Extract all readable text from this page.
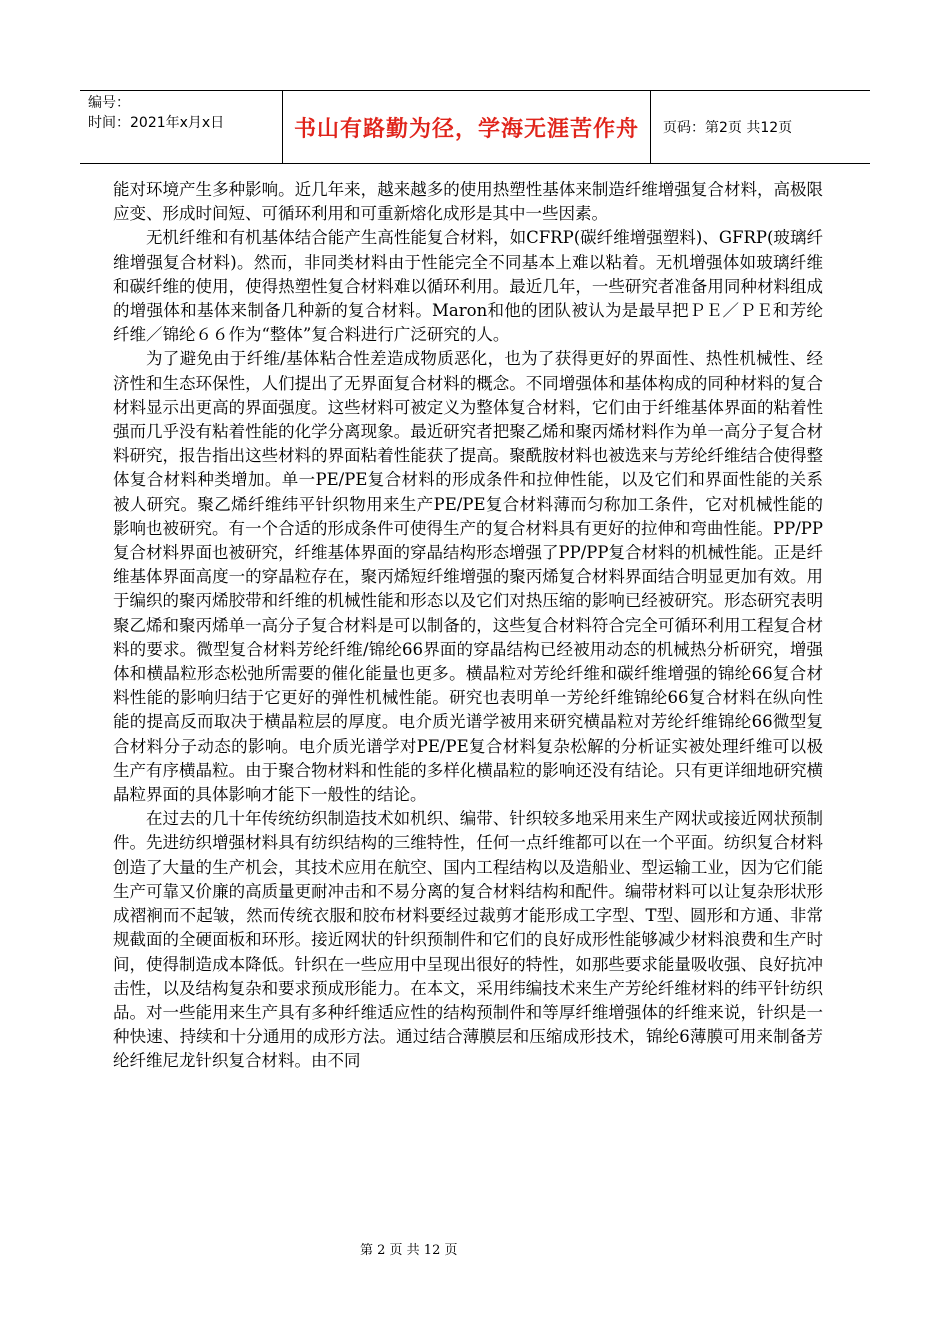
编号：
时间：2021年x月x日	书山有路勤为径，学海无涯苦作舟	页码：第2页 共12页

能对环境产生多种影响。近几年来，越来越多的使用热塑性基体来制造纤维增强复合材料，高极限应变、形成时间短、可循环利用和可重新熔化成形是其中一些因素。

无机纤维和有机基体结合能产生高性能复合材料，如CFRP(碳纤维增强塑料)、GFRP(玻璃纤维增强复合材料)。然而，非同类材料由于性能完全不同基本上难以粘着。无机增强体如玻璃纤维和碳纤维的使用，使得热塑性复合材料难以循环利用。最近几年，一些研究者准备用同种材料组成的增强体和基体来制备几种新的复合材料。Maron和他的团队被认为是最早把ＰＥ／ＰＥ和芳纶纤维／锦纶６６作为“整体”复合料进行广泛研究的人。

为了避免由于纤维/基体粘合性差造成物质恶化，也为了获得更好的界面性、热性机械性、经济性和生态环保性，人们提出了无界面复合材料的概念。不同增强体和基体构成的同种材料的复合材料显示出更高的界面强度。这些材料可被定义为整体复合材料，它们由于纤维基体界面的粘着性强而几乎没有粘着性能的化学分离现象。最近研究者把聚乙烯和聚丙烯材料作为单一高分子复合材料研究，报告指出这些材料的界面粘着性能获了提高。聚酰胺材料也被选来与芳纶纤维结合使得整体复合材料种类增加。单一PE/PE复合材料的形成条件和拉伸性能，以及它们和界面性能的关系被人研究。聚乙烯纤维纬平针织物用来生产PE/PE复合材料薄而匀称加工条件，它对机械性能的影响也被研究。有一个合适的形成条件可使得生产的复合材料具有更好的拉伸和弯曲性能。PP/PP复合材料界面也被研究，纤维基体界面的穿晶结构形态增强了PP/PP复合材料的机械性能。正是纤维基体界面高度一的穿晶粒存在，聚丙烯短纤维增强的聚丙烯复合材料界面结合明显更加有效。用于编织的聚丙烯胶带和纤维的机械性能和形态以及它们对热压缩的影响已经被研究。形态研究表明聚乙烯和聚丙烯单一高分子复合材料是可以制备的，这些复合材料符合完全可循环利用工程复合材料的要求。微型复合材料芳纶纤维/锦纶66界面的穿晶结构已经被用动态的机械热分析研究，增强体和横晶粒形态松弛所需要的催化能量也更多。横晶粒对芳纶纤维和碳纤维增强的锦纶66复合材料性能的影响归结于它更好的弹性机械性能。研究也表明单一芳纶纤维锦纶66复合材料在纵向性能的提高反而取决于横晶粒层的厚度。电介质光谱学被用来研究横晶粒对芳纶纤维锦纶66微型复合材料分子动态的影响。电介质光谱学对PE/PE复合材料复杂松解的分析证实被处理纤维可以极生产有序横晶粒。由于聚合物材料和性能的多样化横晶粒的影响还没有结论。只有更详细地研究横晶粒界面的具体影响才能下一般性的结论。

在过去的几十年传统纺织制造技术如机织、编带、针织较多地采用来生产网状或接近网状预制件。先进纺织增强材料具有纺织结构的三维特性，任何一点纤维都可以在一个平面。纺织复合材料创造了大量的生产机会，其技术应用在航空、国内工程结构以及造船业、型运输工业，因为它们能生产可靠又价廉的高质量更耐冲击和不易分离的复合材料结构和配件。编带材料可以让复杂形状形成褶裥而不起皱，然而传统衣服和胶布材料要经过裁剪才能形成工字型、T型、圆形和方通、非常规截面的全硬面板和环形。接近网状的针织预制件和它们的良好成形性能够减少材料浪费和生产时间，使得制造成本降低。针织在一些应用中呈现出很好的特性，如那些要求能量吸收强、良好抗冲击性，以及结构复杂和要求预成形能力。在本文，采用纬编技术来生产芳纶纤维材料的纬平针纺织品。对一些能用来生产具有多种纤维适应性的结构预制件和等厚纤维增强体的纤维来说，针织是一种快速、持续和十分通用的成形方法。通过结合薄膜层和压缩成形技术，锦纶6薄膜可用来制备芳纶纤维尼龙针织复合材料。由不同

第 2 页 共 12 页
